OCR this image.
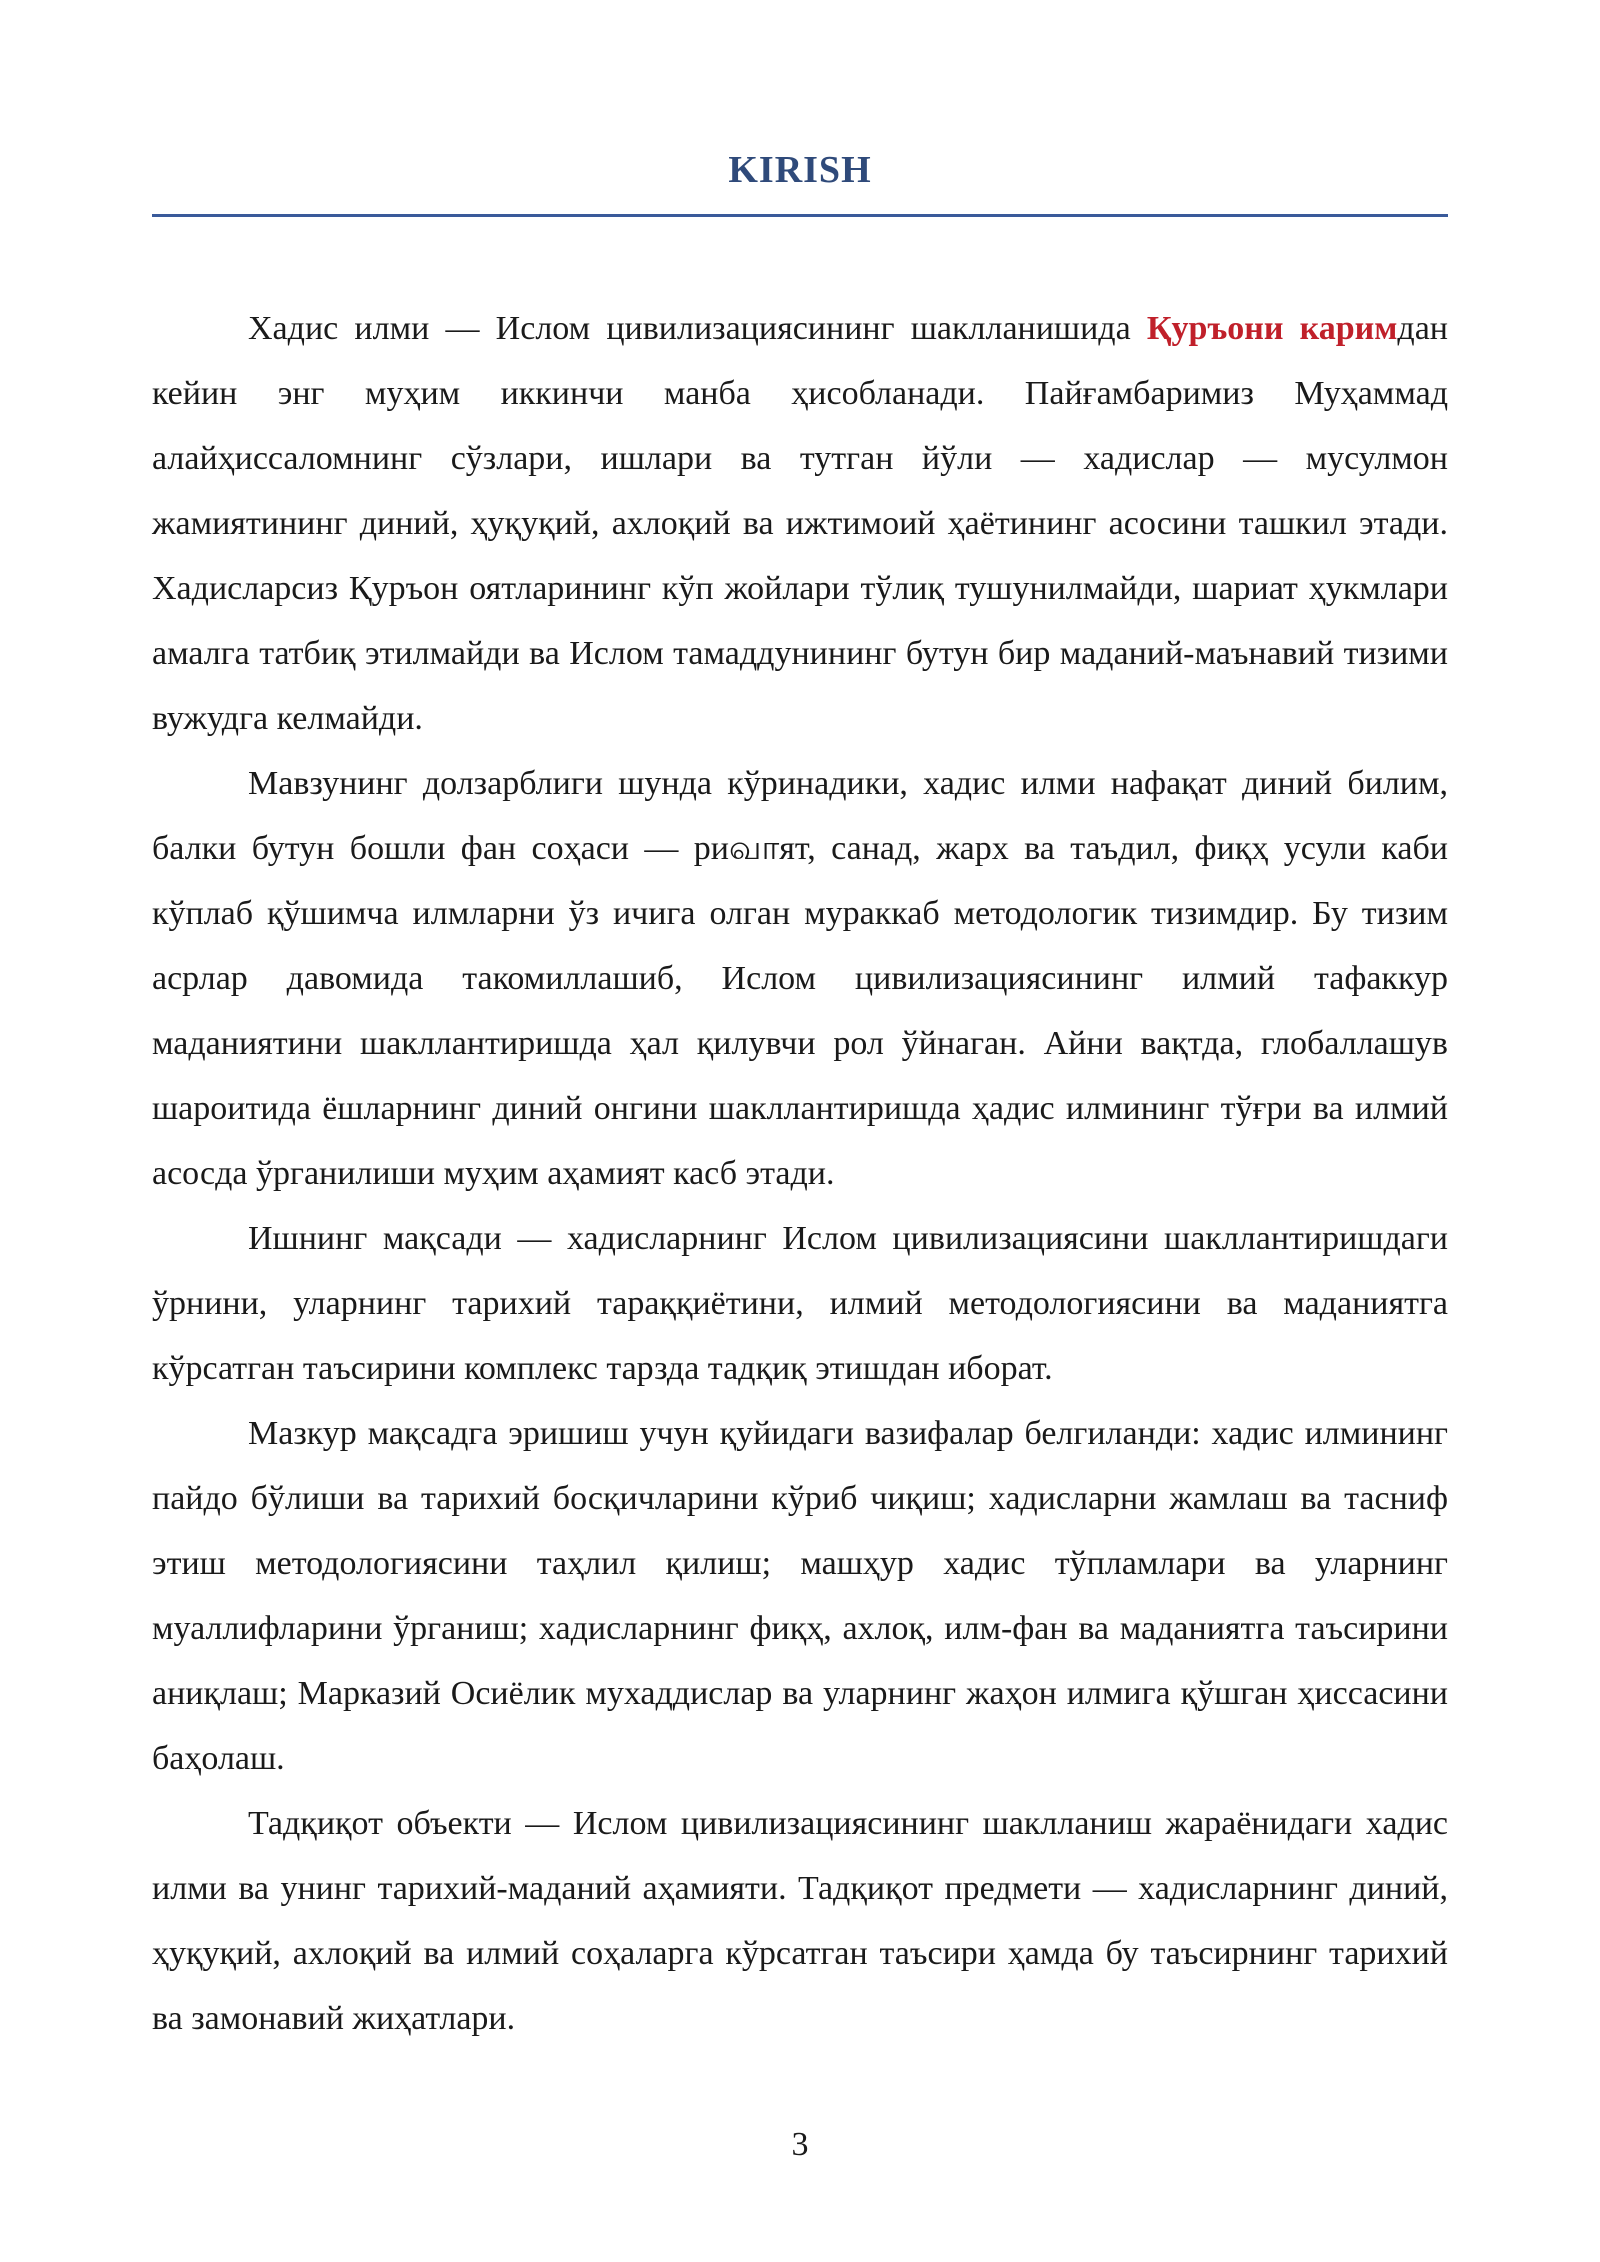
KIRISH

Хадис илми — Ислом цивилизациясининг шаклланишида Қуръони каримдан кейин энг муҳим иккинчи манба ҳисобланади. Пайғамбаримиз Муҳаммад алайҳиссаломнинг сўзлари, ишлари ва тутган йўли — хадислар — мусулмон жамиятининг диний, ҳуқуқий, ахлоқий ва ижтимоий ҳаётининг асосини ташкил этади. Хадисларсиз Қуръон оятларининг кўп жойлари тўлиқ тушунилмайди, шариат ҳукмлари амалга татбиқ этилмайди ва Ислом тамаддунининг бутун бир маданий-маънавий тизими вужудга келмайди.

Мавзунинг долзарблиги шунда кўринадики, хадис илми нафақат диний билим, балки бутун бошли фан соҳаси — риவாят, санад, жарх ва таъдил, фиқҳ усули каби кўплаб қўшимча илмларни ўз ичига олган мураккаб методологик тизимдир. Бу тизим асрлар давомида такомиллашиб, Ислом цивилизациясининг илмий тафаккур маданиятини шакллантиришда ҳал қилувчи рол ўйнаган. Айни вақтда, глобаллашув шароитида ёшларнинг диний онгини шакллантиришда ҳадис илмининг тўғри ва илмий асосда ўрганилиши муҳим аҳамият касб этади.

Ишнинг мақсади — хадисларнинг Ислом цивилизациясини шакллантиришдаги ўрнини, уларнинг тарихий тараққиётини, илмий методологиясини ва маданиятга кўрсатган таъсирини комплекс тарзда тадқиқ этишдан иборат.

Мазкур мақсадга эришиш учун қуйидаги вазифалар белгиланди: хадис илмининг пайдо бўлиши ва тарихий босқичларини кўриб чиқиш; хадисларни жамлаш ва тасниф этиш методологиясини таҳлил қилиш; машҳур хадис тўпламлари ва уларнинг муаллифларини ўрганиш; хадисларнинг фиқҳ, ахлоқ, илм-фан ва маданиятга таъсирини аниқлаш; Марказий Осиёлик мухаддислар ва уларнинг жаҳон илмига қўшган ҳиссасини баҳолаш.

Тадқиқот объекти — Ислом цивилизациясининг шаклланиш жараёнидаги хадис илми ва унинг тарихий-маданий аҳамияти. Тадқиқот предмети — хадисларнинг диний, ҳуқуқий, ахлоқий ва илмий соҳаларга кўрсатган таъсири ҳамда бу таъсирнинг тарихий ва замонавий жиҳатлари.

3
